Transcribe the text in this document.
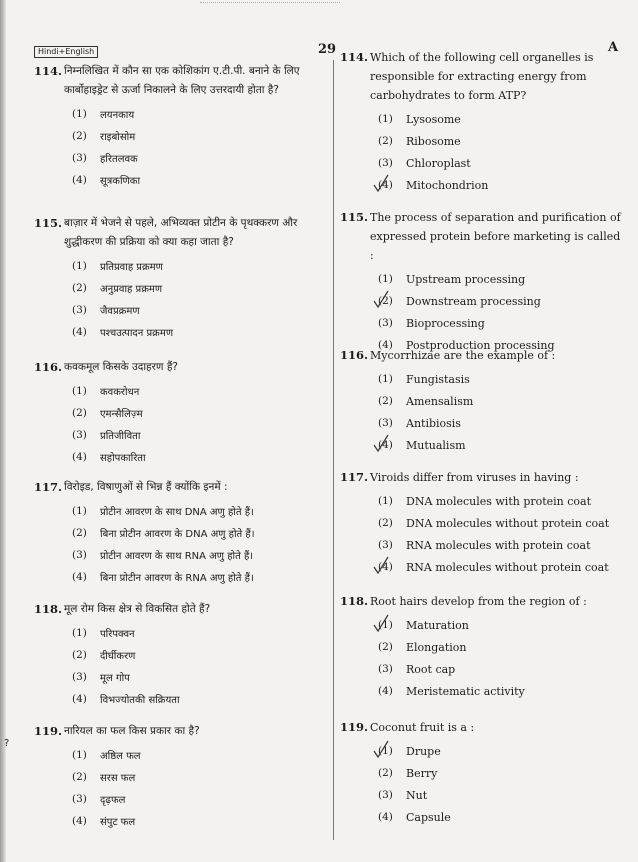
Hindi+English	29	A
?
114. निम्नलिखित में कौन सा एक कोशिकांग ए.टी.पी. बनाने के लिए कार्बोहाइड्रेट से ऊर्जा निकालने के लिए उत्तरदायी होता है?
(1)	लयनकाय
(2)	राइबोसोम
(3)	हरितलवक
(4)	सूत्रकणिका
115. बाज़ार में भेजने से पहले, अभिव्यक्त प्रोटीन के पृथक्करण और शुद्धीकरण की प्रक्रिया को क्या कहा जाता है?
(1)	प्रतिप्रवाह प्रक्रमण
(2)	अनुप्रवाह प्रक्रमण
(3)	जैवप्रक्रमण
(4)	पश्चउत्पादन प्रक्रमण
116. कवकमूल किसके उदाहरण हैं?
(1)	कवकरोधन
(2)	एमन्सैलिज़्म
(3)	प्रतिजीविता
(4)	सहोपकारिता
117. विरोइड, विषाणुओं से भिन्न हैं क्योंकि इनमें :
(1)	प्रोटीन आवरण के साथ DNA अणु होते हैं।
(2)	बिना प्रोटीन आवरण के DNA अणु होते हैं।
(3)	प्रोटीन आवरण के साथ RNA अणु होते हैं।
(4)	बिना प्रोटीन आवरण के RNA अणु होते हैं।
118. मूल रोम किस क्षेत्र से विकसित होते हैं?
(1)	परिपक्वन
(2)	दीर्घीकरण
(3)	मूल गोप
(4)	विभज्योतकी सक्रियता
119. नारियल का फल किस प्रकार का है?
(1)	अष्ठिल फल
(2)	सरस फल
(3)	दृढ़फल
(4)	संपुट फल
114. Which of the following cell organelles is responsible for extracting energy from carbohydrates to form ATP?
(1)	Lysosome
(2)	Ribosome
(3)	Chloroplast
(4)	Mitochondrion
115. The process of separation and purification of expressed protein before marketing is called :
(1)	Upstream processing
(2)	Downstream processing
(3)	Bioprocessing
(4)	Postproduction processing
116. Mycorrhizae are the example of :
(1)	Fungistasis
(2)	Amensalism
(3)	Antibiosis
(4)	Mutualism
117. Viroids differ from viruses in having :
(1)	DNA molecules with protein coat
(2)	DNA molecules without protein coat
(3)	RNA molecules with protein coat
(4)	RNA molecules without protein coat
118. Root hairs develop from the region of :
(1)	Maturation
(2)	Elongation
(3)	Root cap
(4)	Meristematic activity
119. Coconut fruit is a :
(1)	Drupe
(2)	Berry
(3)	Nut
(4)	Capsule
